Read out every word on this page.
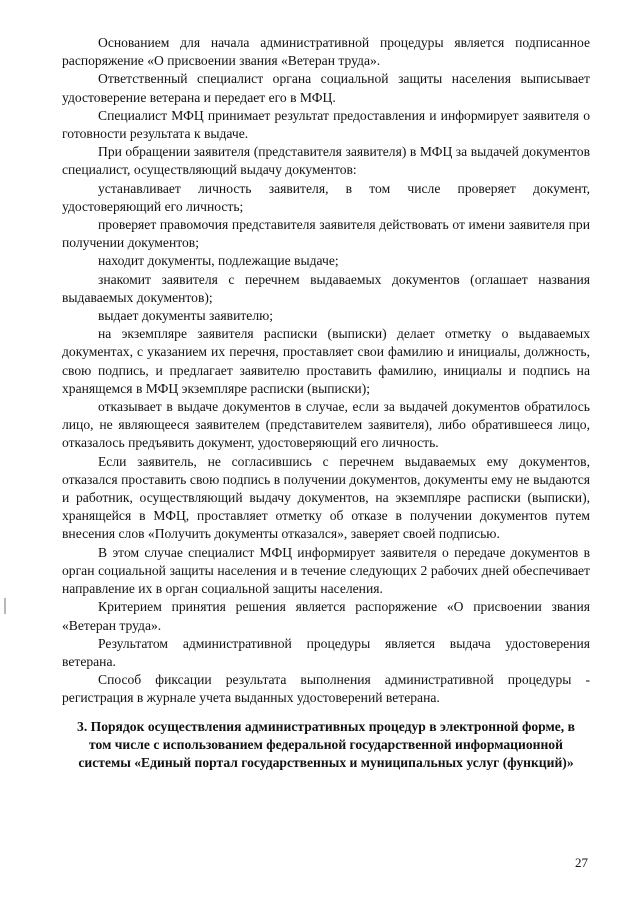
Основанием для начала административной процедуры является подписанное распоряжение «О присвоении звания «Ветеран труда».

Ответственный специалист органа социальной защиты населения выписывает удостоверение ветерана и передает его в МФЦ.

Специалист МФЦ принимает результат предоставления и информирует заявителя о готовности результата к выдаче.

При обращении заявителя (представителя заявителя) в МФЦ за выдачей документов специалист, осуществляющий выдачу документов:

устанавливает личность заявителя, в том числе проверяет документ, удостоверяющий его личность;

проверяет правомочия представителя заявителя действовать от имени заявителя при получении документов;

находит документы, подлежащие выдаче;

знакомит заявителя с перечнем выдаваемых документов (оглашает названия выдаваемых документов);

выдает документы заявителю;

на экземпляре заявителя расписки (выписки) делает отметку о выдаваемых документах, с указанием их перечня, проставляет свои фамилию и инициалы, должность, свою подпись, и предлагает заявителю проставить фамилию, инициалы и подпись на хранящемся в МФЦ экземпляре расписки (выписки);

отказывает в выдаче документов в случае, если за выдачей документов обратилось лицо, не являющееся заявителем (представителем заявителя), либо обратившееся лицо, отказалось предъявить документ, удостоверяющий его личность.

Если заявитель, не согласившись с перечнем выдаваемых ему документов, отказался проставить свою подпись в получении документов, документы ему не выдаются и работник, осуществляющий выдачу документов, на экземпляре расписки (выписки), хранящейся в МФЦ, проставляет отметку об отказе в получении документов путем внесения слов «Получить документы отказался», заверяет своей подписью.

В этом случае специалист МФЦ информирует заявителя о передаче документов в орган социальной защиты населения и в течение следующих 2 рабочих дней обеспечивает направление их в орган социальной защиты населения.

Критерием принятия решения является распоряжение «О присвоении звания «Ветеран труда».

Результатом административной процедуры является выдача удостоверения ветерана.

Способ фиксации результата выполнения административной процедуры - регистрация в журнале учета выданных удостоверений ветерана.

3. Порядок осуществления административных процедур в электронной форме, в том числе с использованием федеральной государственной информационной системы «Единый портал государственных и муниципальных услуг (функций)»
27
